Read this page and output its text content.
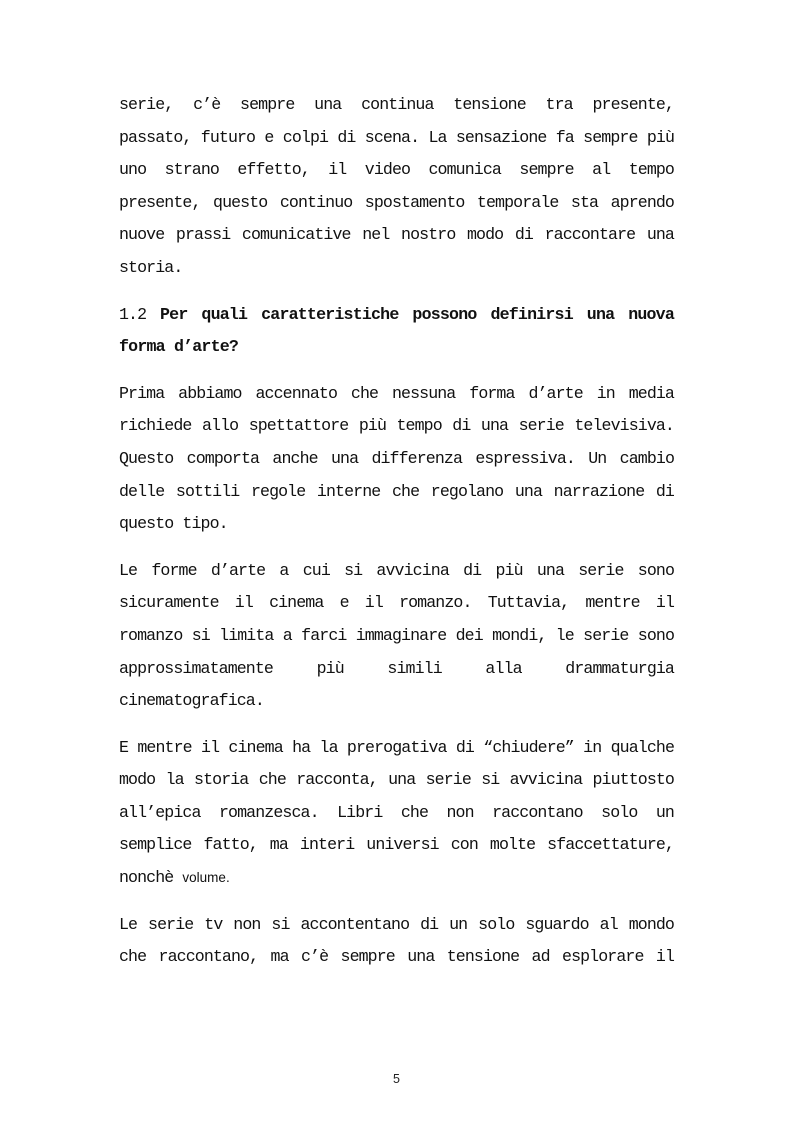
serie, c’è sempre una continua tensione tra presente, passato, futuro e colpi di scena. La sensazione fa sempre più uno strano effetto, il video comunica sempre al tempo presente, questo continuo spostamento temporale sta aprendo nuove prassi comunicative nel nostro modo di raccontare una storia.

1.2 Per quali caratteristiche possono definirsi una nuova forma d’arte?

Prima abbiamo accennato che nessuna forma d’arte in media richiede allo spettattore più tempo di una serie televisiva. Questo comporta anche una differenza espressiva. Un cambio delle sottili regole interne che regolano una narrazione di questo tipo.

Le forme d’arte a cui si avvicina di più una serie sono sicuramente il cinema e il romanzo. Tuttavia, mentre il romanzo si limita a farci immaginare dei mondi, le serie sono approssimatamente più simili alla drammaturgia cinematografica.

E mentre il cinema ha la prerogativa di “chiudere” in qualche modo la storia che racconta, una serie si avvicina piuttosto all’epica romanzesca. Libri che non raccontano solo un semplice fatto, ma interi universi con molte sfaccettature, nonchè volume.

Le serie tv non si accontentano di un solo sguardo al mondo che raccontano, ma c’è sempre una tensione ad esplorare il

5
